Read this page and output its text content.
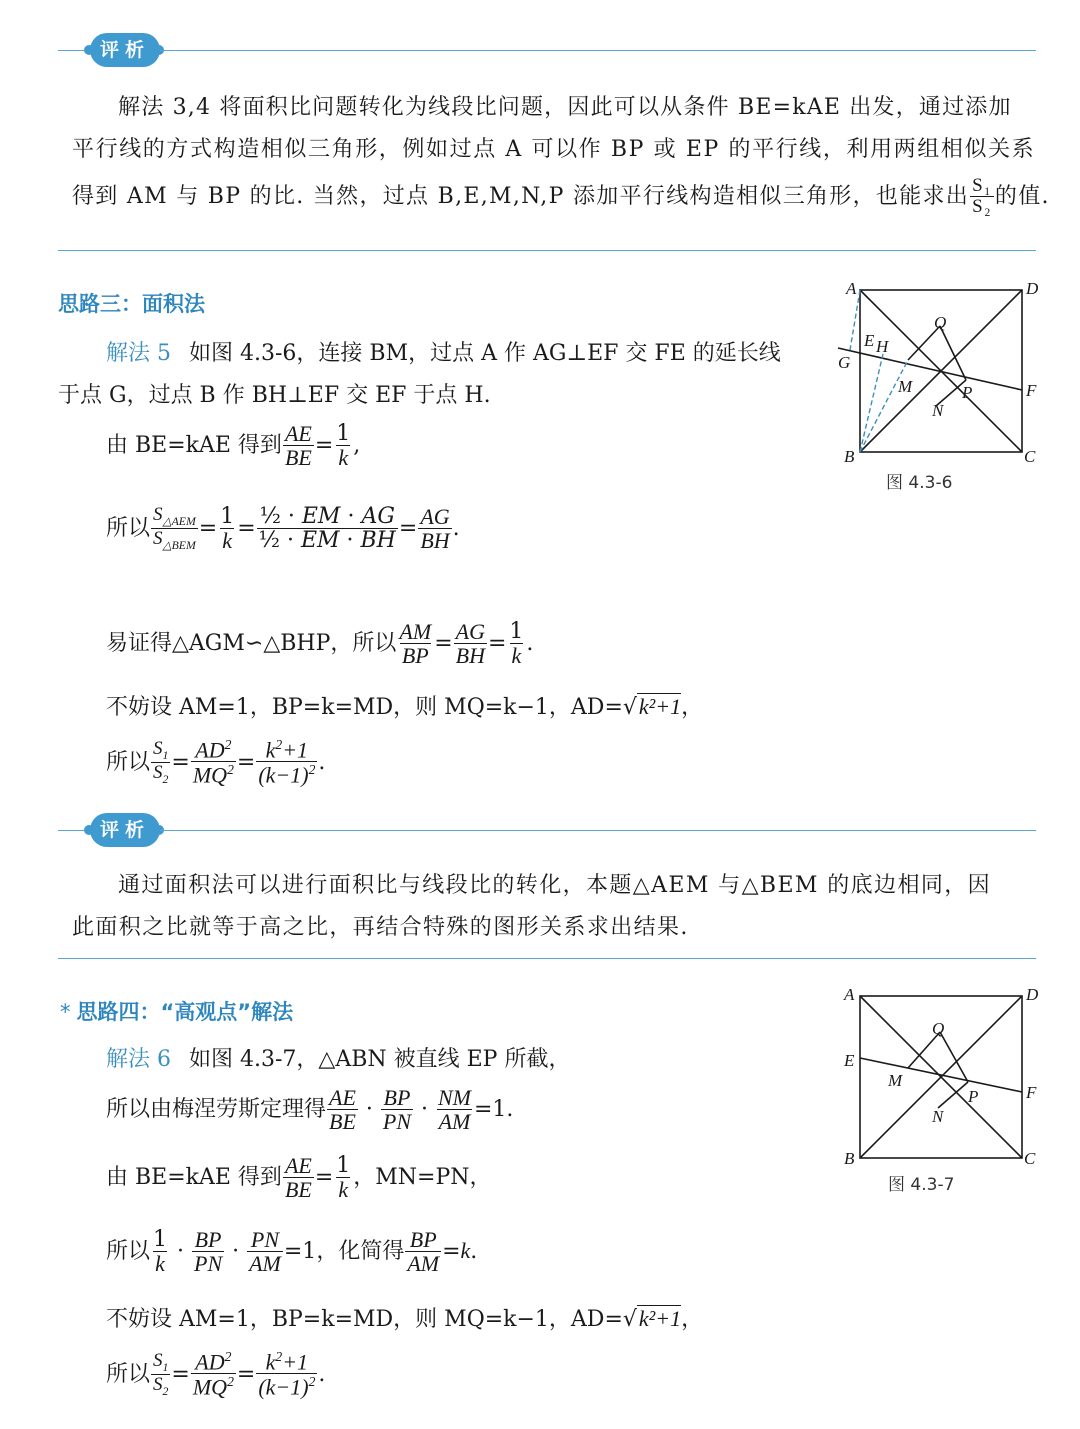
评析
解法 3,4 将面积比问题转化为线段比问题，因此可以从条件 BE=kAE 出发，通过添加
平行线的方式构造相似三角形，例如过点 A 可以作 BP 或 EP 的平行线，利用两组相似关系
得到 AM 与 BP 的比. 当然，过点 B,E,M,N,P 添加平行线构造相似三角形，也能求出 $\frac{\text{S₁}}{\text{S₂}}$ 的值.
思路三：面积法
解法 5 如图 4.3-6，连接 BM，过点 A 作 AG⊥EF 交 FE 的延长线
于点 G，过点 B 作 BH⊥EF 交 EF 于点 H.
由 BE=kAE 得到 $\frac{AE}{BE} = \frac{1}{k}$ ,
所以 $\frac{S_{\triangle AEM}}{S_{\triangle BEM}} = \frac{1}{k} = \frac{\text{½ · EM · AG}}{\text{½ · EM · BH}} = \frac{AG}{BH}$ .
易证得△AGM∽△BHP，所以 $\frac{AM}{BP} = \frac{AG}{BH} = \frac{1}{k}$ .
不妨设 AM=1，BP=k=MD，则 MQ=k−1，AD=√k²+1，
所以 $\frac{S_1}{S_2} = \frac{AD^2}{MQ^2} = \frac{k^2+1}{(k-1)^2}$ .
A	D
B	C
G
E H
M
N
P
Q
F
图 4.3-6
评析
通过面积法可以进行面积比与线段比的转化，本题△AEM 与△BEM 的底边相同，因
此面积之比就等于高之比，再结合特殊的图形关系求出结果.
* 思路四：“高观点”解法
解法 6 如图 4.3-7，△ABN 被直线 EP 所截，
所以由梅涅劳斯定理得 $\frac{AE}{BE} \cdot \frac{BP}{PN} \cdot \frac{NM}{AM} =1$.
由 BE=kAE 得到 $\frac{AE}{BE} = \frac{1}{k}$ ，MN=PN，
所以 $\frac{1}{k} \cdot \frac{BP}{PN} \cdot \frac{PN}{AM} =1$，化简得 $\frac{BP}{AM} =k$.
不妨设 AM=1，BP=k=MD，则 MQ=k−1，AD=√k²+1，
所以 $\frac{S_1}{S_2} = \frac{AD^2}{MQ^2} = \frac{k^2+1}{(k-1)^2}$ .
A	D
B	C
E
F
M
N
P
Q
图 4.3-7
